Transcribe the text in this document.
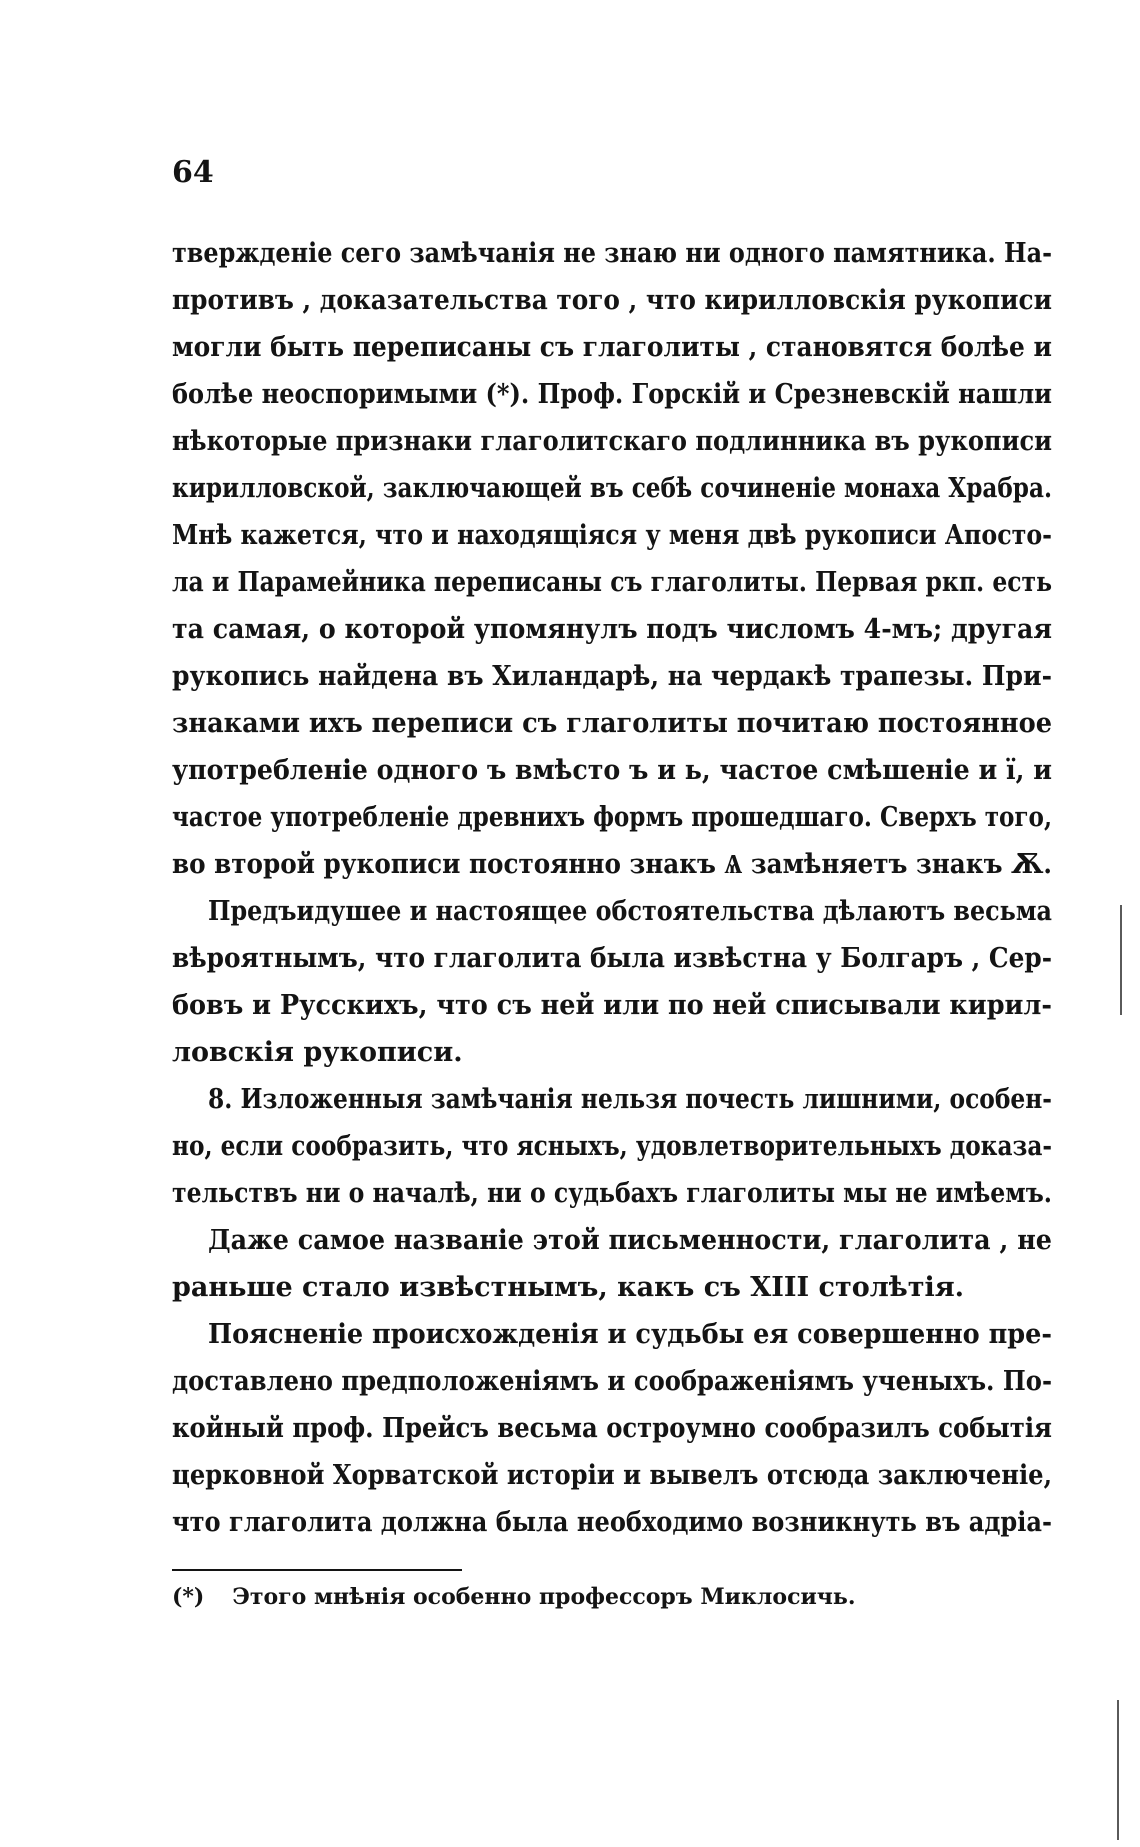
64
твержденіе сего замѣчанія не знаю ни одного памятника. На-
противъ , доказательства того , что кирилловскія рукописи
могли быть переписаны съ глаголиты , становятся болѣе и
болѣе неоспоримыми (*). Проф. Горскій и Срезневскій нашли
нѣкоторые признаки глаголитскаго подлинника въ рукописи
кирилловской, заключающей въ себѣ сочиненіе монаха Храбра.
Мнѣ кажется, что и находящіяся у меня двѣ рукописи Апосто-
ла и Парамейника переписаны съ глаголиты. Первая ркп. есть
та самая, о которой упомянулъ подъ числомъ 4-мъ; другая
рукопись найдена въ Хиландарѣ, на чердакѣ трапезы. При-
знаками ихъ переписи съ глаголиты почитаю постоянное
употребленіе одного ъ вмѣсто ъ и ь, частое смѣшеніе и ї, и
частое употребленіе древнихъ формъ прошедшаго. Сверхъ того,
во второй рукописи постоянно знакъ Ѧ замѣняетъ знакъ Ѫ.
Предъидушее и настоящее обстоятельства дѣлаютъ весьма
вѣроятнымъ, что глаголита была извѣстна у Болгаръ , Сер-
бовъ и Русскихъ, что съ ней или по ней списывали кирил-
ловскія рукописи.
8. Изложенныя замѣчанія нельзя почесть лишними, особен-
но, если сообразить, что ясныхъ, удовлетворительныхъ доказа-
тельствъ ни о началѣ, ни о судьбахъ глаголиты мы не имѣемъ.
Даже самое названіе этой письменности, глаголита , не
раньше стало извѣстнымъ, какъ съ XIII столѣтія.
Поясненіе происхожденія и судьбы ея совершенно пре-
доставлено предположеніямъ и соображеніямъ ученыхъ. По-
койный проф. Прейсъ весьма остроумно сообразилъ событія
церковной Хорватской исторіи и вывелъ отсюда заключеніе,
что глаголита должна была необходимо возникнуть въ адріа-
(*) Этого мнѣнія особенно профессоръ Миклосичь.
